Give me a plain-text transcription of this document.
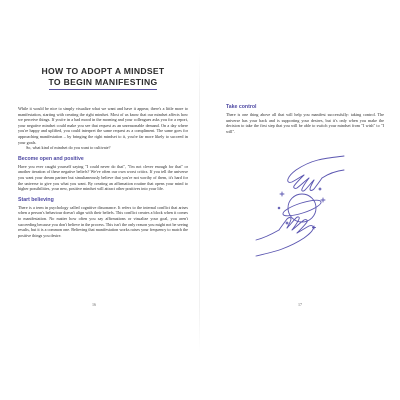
HOW TO ADOPT A MINDSET
TO BEGIN MANIFESTING

While it would be nice to simply visualize what we want and have it appear, there's a little more to manifestation, starting with creating the right mindset. Most of us know that our mindset affects how we perceive things. If you're in a bad mood in the morning and your colleagues asks you for a report, your negative mindset could make you see that request as an unreasonable demand. On a day where you're happy and uplifted, you could interpret the same request as a compliment. The same goes for approaching manifestation – by bringing the right mindset to it, you're far more likely to succeed in your goals.

So, what kind of mindset do you want to cultivate?

Become open and positive

Have you ever caught yourself saying "I could never do that", "I'm not clever enough for that" or another iteration of these negative beliefs? We've often our own worst critics. If you tell the universe you want your dream partner but simultaneously believe that you're not worthy of them, it's hard for the universe to give you what you want. By creating an affirmation routine that opens your mind to higher possibilities, your new, positive mindset will attract other positives into your life.

Start believing

There is a term in psychology called cognitive dissonance. It refers to the internal conflict that arises when a person's behaviour doesn't align with their beliefs. This conflict creates a block when it comes to manifestation. No matter how often you say affirmations or visualize your goal, you aren't succeeding because you don't believe in the process. This isn't the only reason you might not be seeing results, but it is a common one. Believing that manifestation works raises your frequency to match the positive things you desire.

16
Take control

There is one thing above all that will help you manifest successfully: taking control. The universe has your back and is supporting your desires, but it's only when you make the decision to take the first step that you will be able to switch your mindset from "I wish" to "I will".

17
